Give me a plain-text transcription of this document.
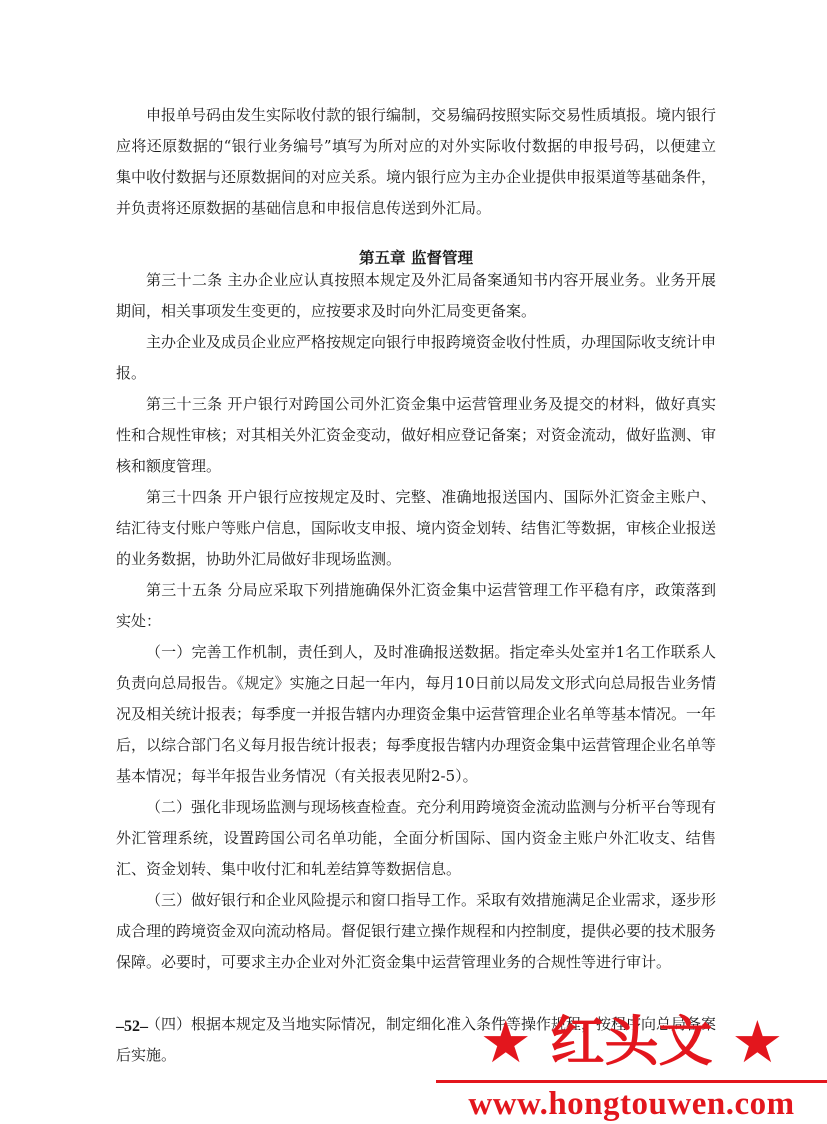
申报单号码由发生实际收付款的银行编制，交易编码按照实际交易性质填报。境内银行应将还原数据的“银行业务编号”填写为所对应的对外实际收付数据的申报号码，以便建立集中收付数据与还原数据间的对应关系。境内银行应为主办企业提供申报渠道等基础条件，并负责将还原数据的基础信息和申报信息传送到外汇局。

第五章 监督管理

第三十二条 主办企业应认真按照本规定及外汇局备案通知书内容开展业务。业务开展期间，相关事项发生变更的，应按要求及时向外汇局变更备案。

主办企业及成员企业应严格按规定向银行申报跨境资金收付性质，办理国际收支统计申报。

第三十三条 开户银行对跨国公司外汇资金集中运营管理业务及提交的材料，做好真实性和合规性审核；对其相关外汇资金变动，做好相应登记备案；对资金流动，做好监测、审核和额度管理。

第三十四条 开户银行应按规定及时、完整、准确地报送国内、国际外汇资金主账户、结汇待支付账户等账户信息，国际收支申报、境内资金划转、结售汇等数据，审核企业报送的业务数据，协助外汇局做好非现场监测。

第三十五条 分局应采取下列措施确保外汇资金集中运营管理工作平稳有序，政策落到实处：

（一）完善工作机制，责任到人，及时准确报送数据。指定牵头处室并1名工作联系人负责向总局报告。《规定》实施之日起一年内，每月10日前以局发文形式向总局报告业务情况及相关统计报表；每季度一并报告辖内办理资金集中运营管理企业名单等基本情况。一年后，以综合部门名义每月报告统计报表；每季度报告辖内办理资金集中运营管理企业名单等基本情况；每半年报告业务情况（有关报表见附2-5）。

（二）强化非现场监测与现场核查检查。充分利用跨境资金流动监测与分析平台等现有外汇管理系统，设置跨国公司名单功能，全面分析国际、国内资金主账户外汇收支、结售汇、资金划转、集中收付汇和轧差结算等数据信息。

（三）做好银行和企业风险提示和窗口指导工作。采取有效措施满足企业需求，逐步形成合理的跨境资金双向流动格局。督促银行建立操作规程和内控制度，提供必要的技术服务保障。必要时，可要求主办企业对外汇资金集中运营管理业务的合规性等进行审计。

（四）根据本规定及当地实际情况，制定细化准入条件等操作规程，按程序向总局备案后实施。

–52–	★ 红头文 ★
www.hongtouwen.com
